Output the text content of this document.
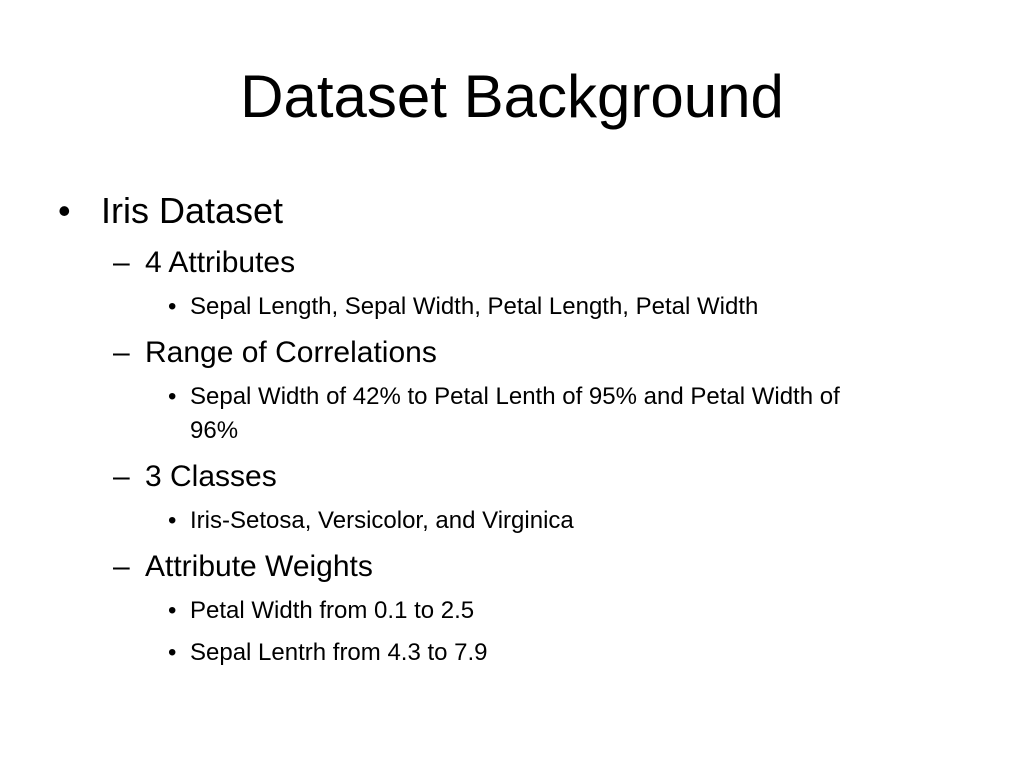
Dataset Background
• Iris Dataset
– 4 Attributes
• Sepal Length, Sepal Width, Petal Length, Petal Width
– Range of Correlations
• Sepal Width of 42% to Petal Lenth of 95% and Petal Width of
96%
– 3 Classes
• Iris-Setosa, Versicolor, and Virginica
– Attribute Weights
• Petal Width from 0.1 to 2.5
• Sepal Lentrh from 4.3 to 7.9
